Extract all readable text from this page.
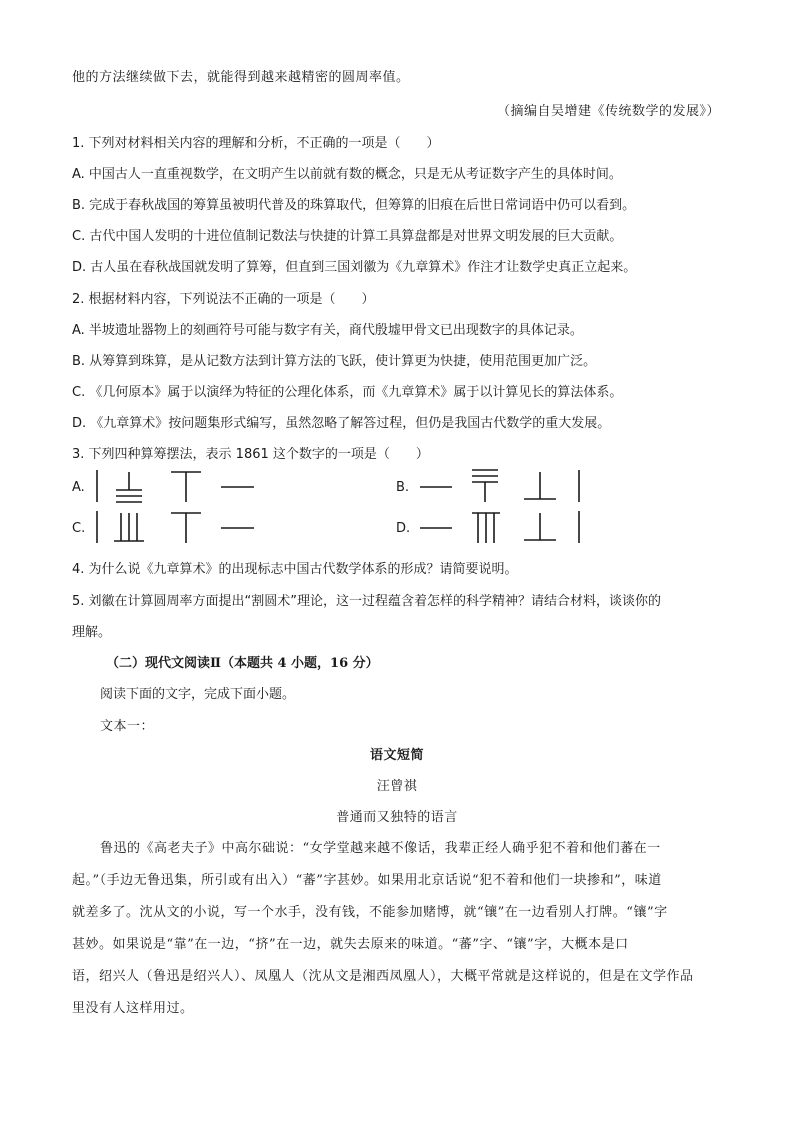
他的方法继续做下去，就能得到越来越精密的圆周率值。
（摘编自吴增建《传统数学的发展》）
1. 下列对材料相关内容的理解和分析，不正确的一项是（　　）
A. 中国古人一直重视数学，在文明产生以前就有数的概念，只是无从考证数字产生的具体时间。
B. 完成于春秋战国的筹算虽被明代普及的珠算取代，但筹算的旧痕在后世日常词语中仍可以看到。
C. 古代中国人发明的十进位值制记数法与快捷的计算工具算盘都是对世界文明发展的巨大贡献。
D. 古人虽在春秋战国就发明了算筹，但直到三国刘徽为《九章算术》作注才让数学史真正立起来。
2. 根据材料内容，下列说法不正确的一项是（　　）
A. 半坡遗址器物上的刻画符号可能与数字有关，商代殷墟甲骨文已出现数字的具体记录。
B. 从筹算到珠算，是从记数方法到计算方法的飞跃，使计算更为快捷，使用范围更加广泛。
C. 《几何原本》属于以演绎为特征的公理化体系，而《九章算术》属于以计算见长的算法体系。
D. 《九章算术》按问题集形式编写，虽然忽略了解答过程，但仍是我国古代数学的重大发展。
3. 下列四种算筹摆法，表示 1861 这个数字的一项是（　　）
A.	B.
C.	D.
4. 为什么说《九章算术》的出现标志中国古代数学体系的形成？请简要说明。
5. 刘徽在计算圆周率方面提出“割圆术”理论，这一过程蕴含着怎样的科学精神？请结合材料，谈谈你的
理解。
（二）现代文阅读Ⅱ（本题共 4 小题，16 分）
阅读下面的文字，完成下面小题。
文本一：
语文短简
汪曾祺
普通而又独特的语言
鲁迅的《高老夫子》中高尔础说：“女学堂越来越不像话，我辈正经人确乎犯不着和他们蕃在一
起。”（手边无鲁迅集，所引或有出入）“蕃”字甚妙。如果用北京话说“犯不着和他们一块掺和”，味道
就差多了。沈从文的小说，写一个水手，没有钱，不能参加赌博，就“镶”在一边看别人打牌。“镶”字
甚妙。如果说是“靠”在一边，“挤”在一边，就失去原来的味道。“蕃”字、“镶”字，大概本是口
语，绍兴人（鲁迅是绍兴人）、凤凰人（沈从文是湘西凤凰人），大概平常就是这样说的，但是在文学作品
里没有人这样用过。
